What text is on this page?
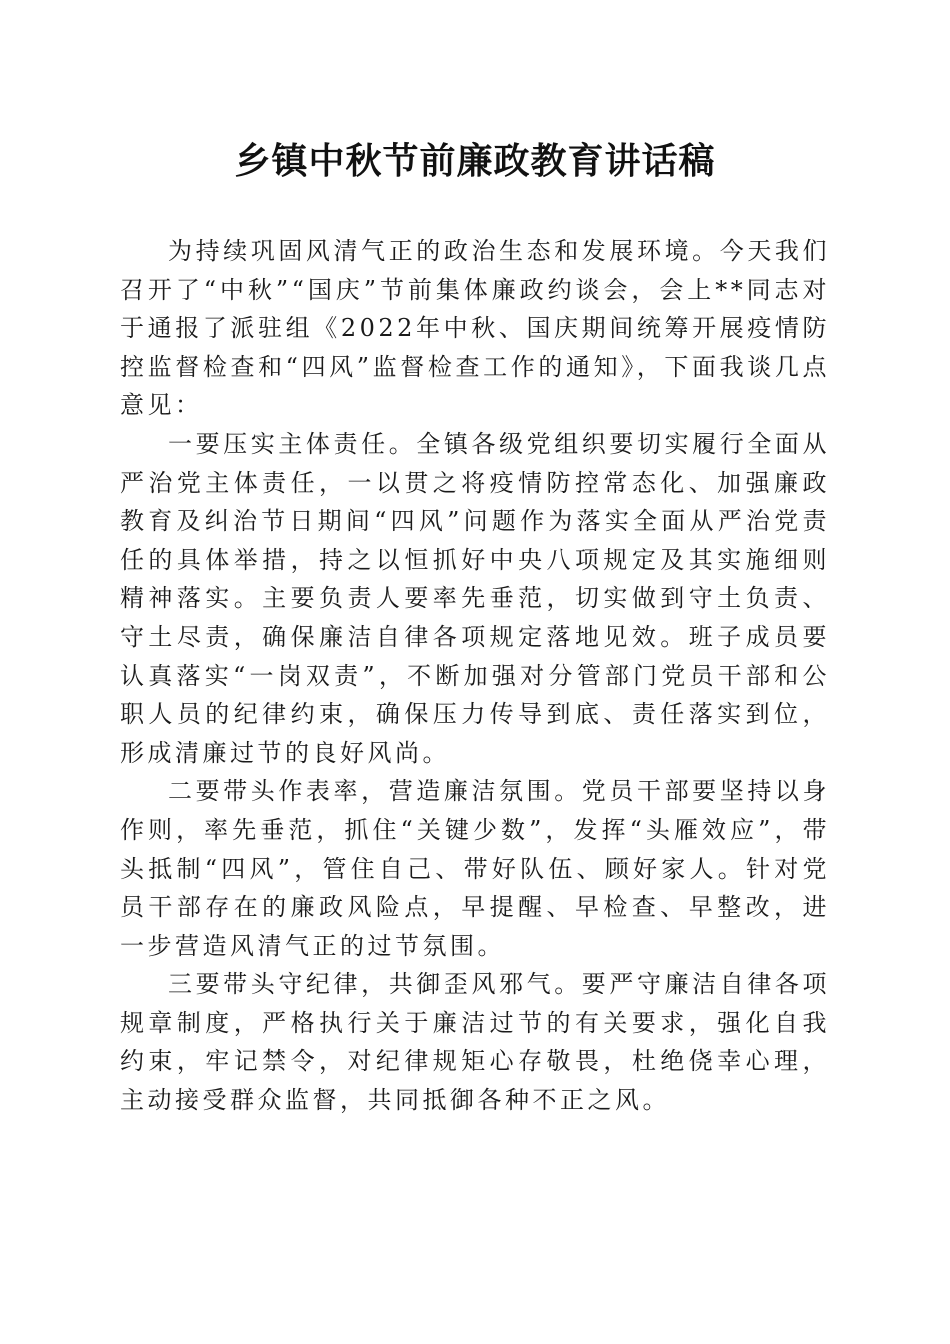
乡镇中秋节前廉政教育讲话稿

为持续巩固风清气正的政治生态和发展环境。今天我们召开了“中秋”“国庆”节前集体廉政约谈会，会上**同志对于通报了派驻组《2022年中秋、国庆期间统筹开展疫情防控监督检查和“四风”监督检查工作的通知》，下面我谈几点意见：

一要压实主体责任。全镇各级党组织要切实履行全面从严治党主体责任，一以贯之将疫情防控常态化、加强廉政教育及纠治节日期间“四风”问题作为落实全面从严治党责任的具体举措，持之以恒抓好中央八项规定及其实施细则精神落实。主要负责人要率先垂范，切实做到守土负责、守土尽责，确保廉洁自律各项规定落地见效。班子成员要认真落实“一岗双责”，不断加强对分管部门党员干部和公职人员的纪律约束，确保压力传导到底、责任落实到位，形成清廉过节的良好风尚。

二要带头作表率，营造廉洁氛围。党员干部要坚持以身作则，率先垂范，抓住“关键少数”，发挥“头雁效应”，带头抵制“四风”，管住自己、带好队伍、顾好家人。针对党员干部存在的廉政风险点，早提醒、早检查、早整改，进一步营造风清气正的过节氛围。

三要带头守纪律，共御歪风邪气。要严守廉洁自律各项规章制度，严格执行关于廉洁过节的有关要求，强化自我约束，牢记禁令，对纪律规矩心存敬畏，杜绝侥幸心理，主动接受群众监督，共同抵御各种不正之风。
